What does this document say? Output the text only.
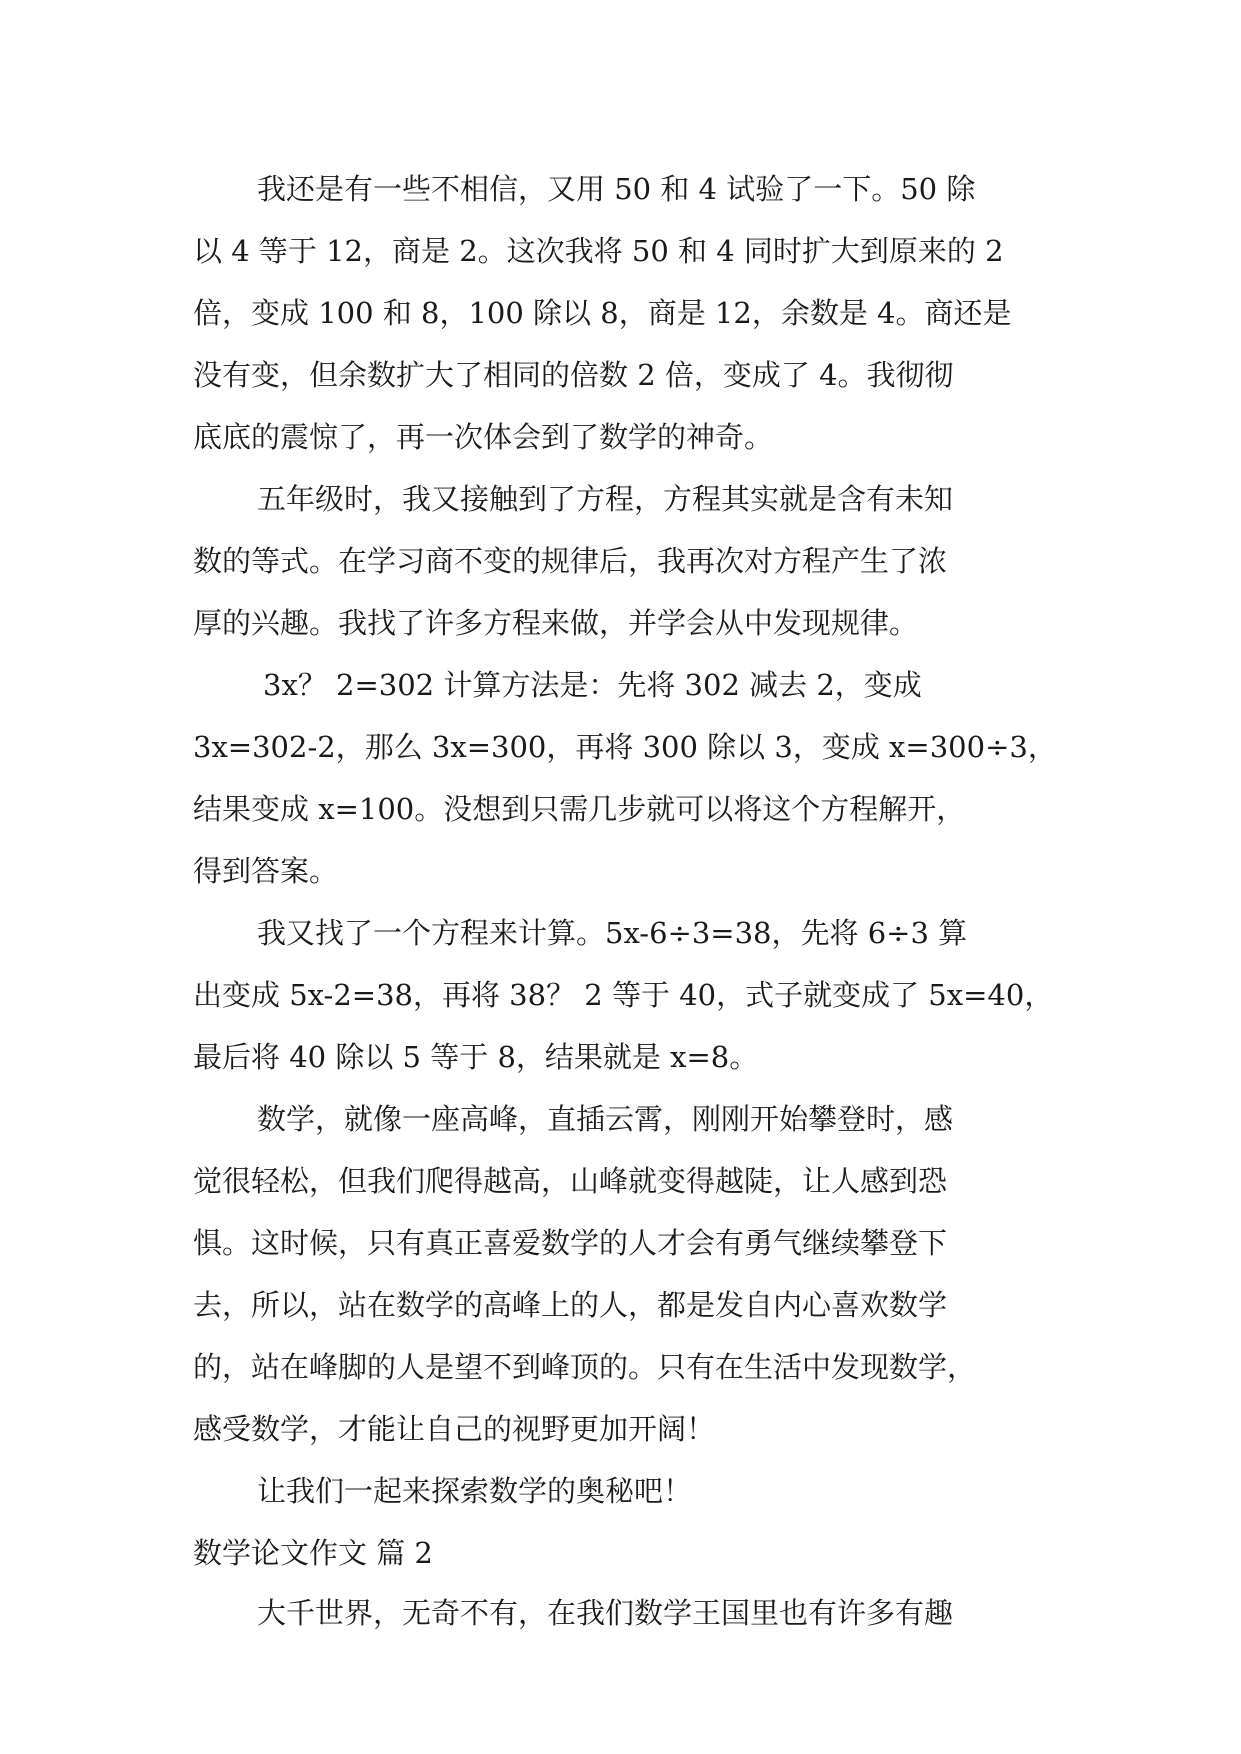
我还是有一些不相信，又用 50 和 4 试验了一下。50 除
以 4 等于 12，商是 2。这次我将 50 和 4 同时扩大到原来的 2
倍，变成 100 和 8，100 除以 8，商是 12，余数是 4。商还是
没有变，但余数扩大了相同的倍数 2 倍，变成了 4。我彻彻
底底的震惊了，再一次体会到了数学的神奇。
五年级时，我又接触到了方程，方程其实就是含有未知
数的等式。在学习商不变的规律后，我再次对方程产生了浓
厚的兴趣。我找了许多方程来做，并学会从中发现规律。
3x？ 2=302 计算方法是：先将 302 减去 2，变成
3x=302-2，那么 3x=300，再将 300 除以 3，变成 x=300÷3，
结果变成 x=100。没想到只需几步就可以将这个方程解开，
得到答案。
我又找了一个方程来计算。5x-6÷3=38，先将 6÷3 算
出变成 5x-2=38，再将 38？ 2 等于 40，式子就变成了 5x=40，
最后将 40 除以 5 等于 8，结果就是 x=8。
数学，就像一座高峰，直插云霄，刚刚开始攀登时，感
觉很轻松，但我们爬得越高，山峰就变得越陡，让人感到恐
惧。这时候，只有真正喜爱数学的人才会有勇气继续攀登下
去，所以，站在数学的高峰上的人，都是发自内心喜欢数学
的，站在峰脚的人是望不到峰顶的。只有在生活中发现数学，
感受数学，才能让自己的视野更加开阔！
让我们一起来探索数学的奥秘吧！
数学论文作文 篇 2
大千世界，无奇不有，在我们数学王国里也有许多有趣
